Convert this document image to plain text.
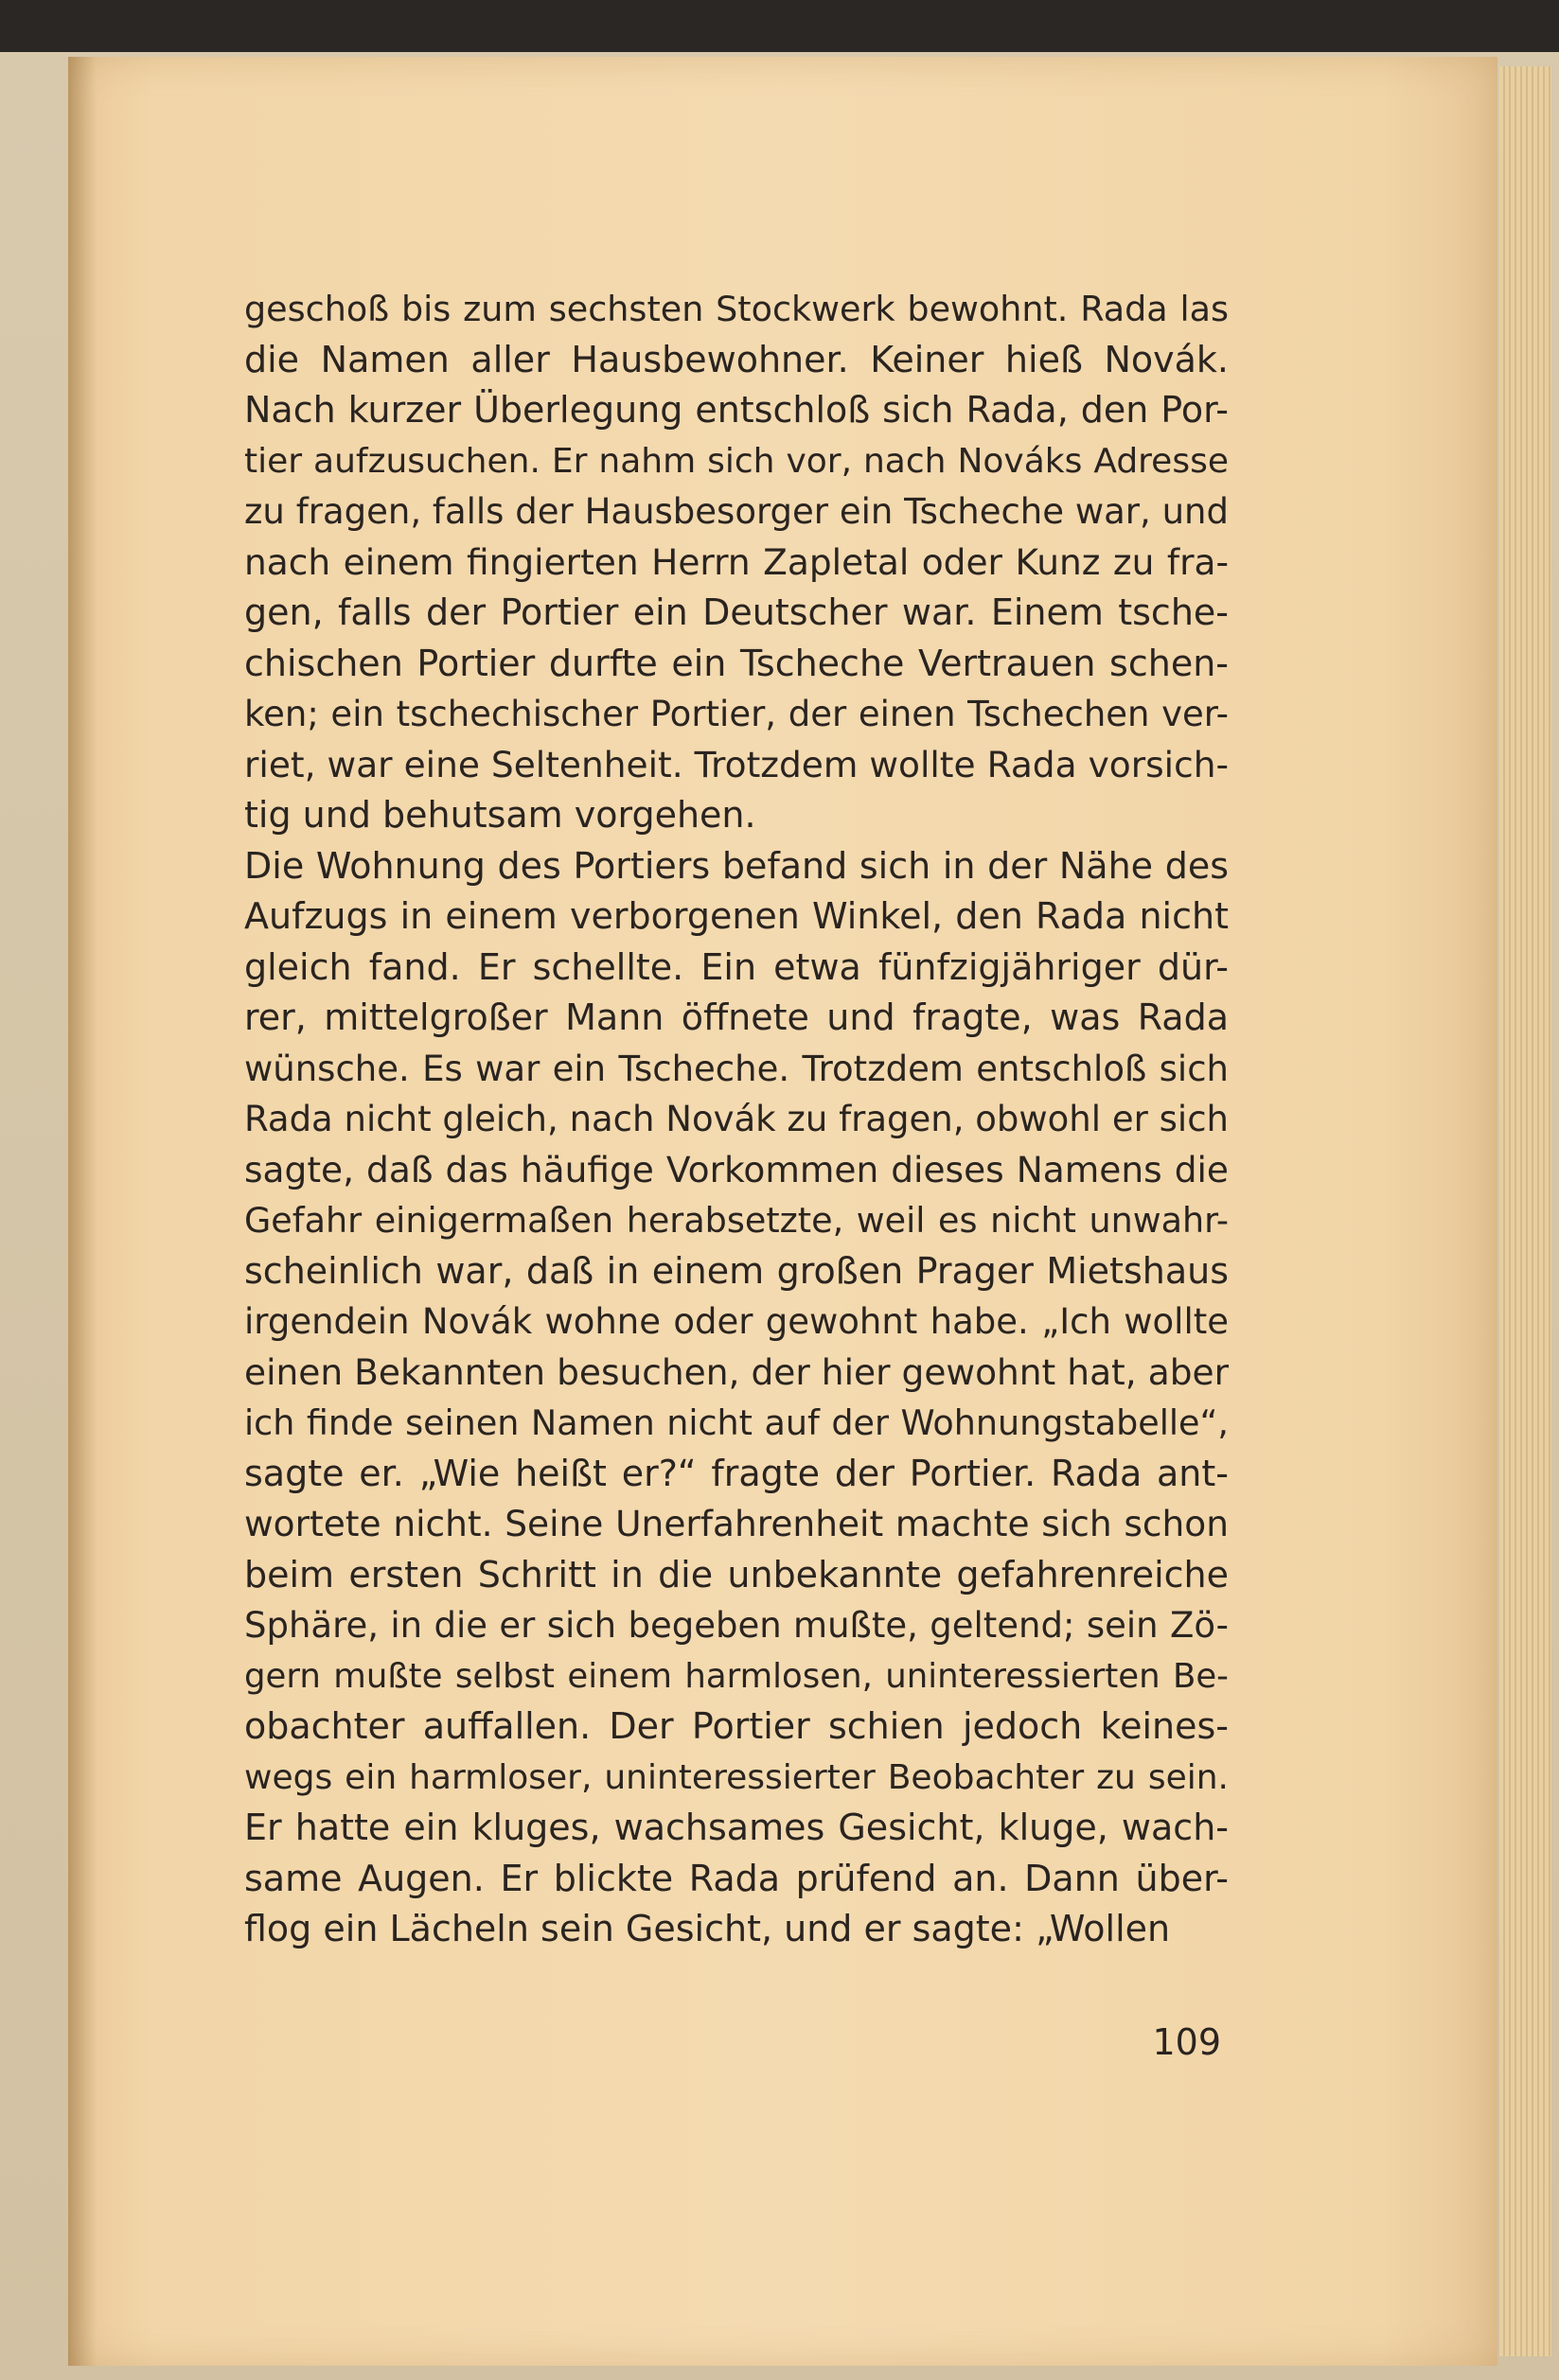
geschoß bis zum sechsten Stockwerk bewohnt. Rada las
die Namen aller Hausbewohner. Keiner hieß Novák.
Nach kurzer Überlegung entschloß sich Rada, den Por-
tier aufzusuchen. Er nahm sich vor, nach Nováks Adresse
zu fragen, falls der Hausbesorger ein Tscheche war, und
nach einem fingierten Herrn Zapletal oder Kunz zu fra-
gen, falls der Portier ein Deutscher war. Einem tsche-
chischen Portier durfte ein Tscheche Vertrauen schen-
ken; ein tschechischer Portier, der einen Tschechen ver-
riet, war eine Seltenheit. Trotzdem wollte Rada vorsich-
tig und behutsam vorgehen.
Die Wohnung des Portiers befand sich in der Nähe des
Aufzugs in einem verborgenen Winkel, den Rada nicht
gleich fand. Er schellte. Ein etwa fünfzigjähriger dür-
rer, mittelgroßer Mann öffnete und fragte, was Rada
wünsche. Es war ein Tscheche. Trotzdem entschloß sich
Rada nicht gleich, nach Novák zu fragen, obwohl er sich
sagte, daß das häufige Vorkommen dieses Namens die
Gefahr einigermaßen herabsetzte, weil es nicht unwahr-
scheinlich war, daß in einem großen Prager Mietshaus
irgendein Novák wohne oder gewohnt habe. „Ich wollte
einen Bekannten besuchen, der hier gewohnt hat, aber
ich finde seinen Namen nicht auf der Wohnungstabelle“,
sagte er. „Wie heißt er?“ fragte der Portier. Rada ant-
wortete nicht. Seine Unerfahrenheit machte sich schon
beim ersten Schritt in die unbekannte gefahrenreiche
Sphäre, in die er sich begeben mußte, geltend; sein Zö-
gern mußte selbst einem harmlosen, uninteressierten Be-
obachter auffallen. Der Portier schien jedoch keines-
wegs ein harmloser, uninteressierter Beobachter zu sein.
Er hatte ein kluges, wachsames Gesicht, kluge, wach-
same Augen. Er blickte Rada prüfend an. Dann über-
flog ein Lächeln sein Gesicht, und er sagte: „Wollen
109
